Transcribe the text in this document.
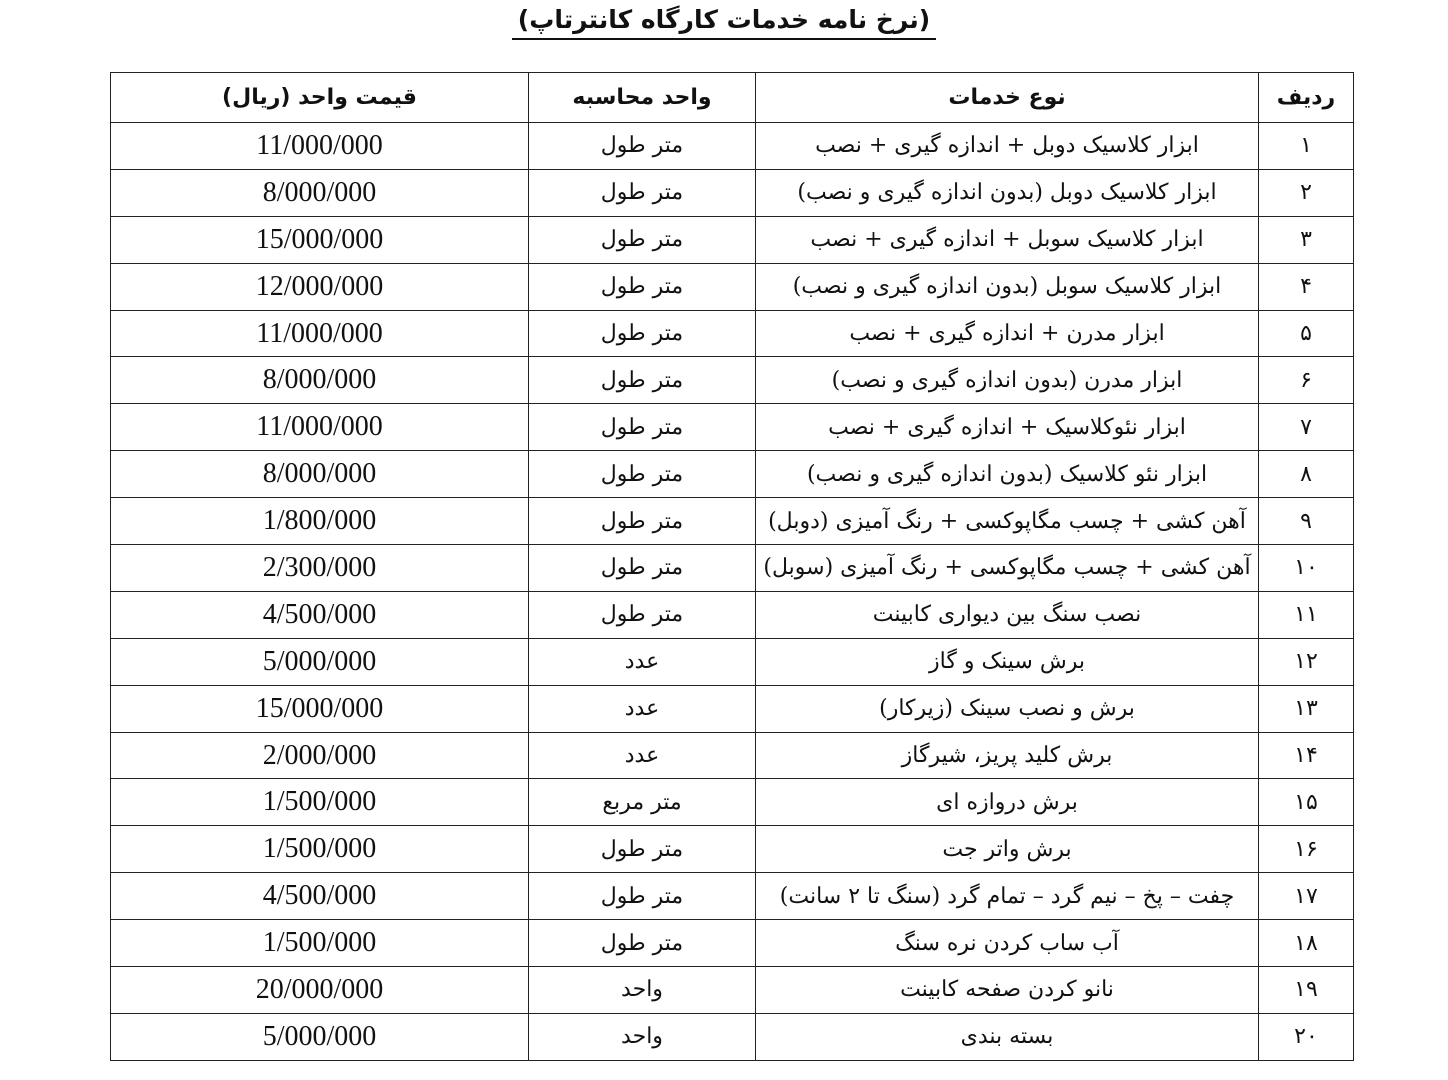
(نرخ نامه خدمات کارگاه کانترتاپ)
ردیف	نوع خدمات	واحد محاسبه	قیمت واحد (ریال)
۱	ابزار کلاسیک دوبل + اندازه گیری + نصب	متر طول	11/000/000
۲	ابزار کلاسیک دوبل (بدون اندازه گیری و نصب)	متر طول	8/000/000
۳	ابزار کلاسیک سوبل + اندازه گیری + نصب	متر طول	15/000/000
۴	ابزار کلاسیک سوبل (بدون اندازه گیری و نصب)	متر طول	12/000/000
۵	ابزار مدرن + اندازه گیری + نصب	متر طول	11/000/000
۶	ابزار مدرن (بدون اندازه گیری و نصب)	متر طول	8/000/000
۷	ابزار نئوکلاسیک + اندازه گیری + نصب	متر طول	11/000/000
۸	ابزار نئو کلاسیک (بدون اندازه گیری و نصب)	متر طول	8/000/000
۹	آهن کشی + چسب مگاپوکسی + رنگ آمیزی (دوبل)	متر طول	1/800/000
۱۰	آهن کشی + چسب مگاپوکسی + رنگ آمیزی (سوبل)	متر طول	2/300/000
۱۱	نصب سنگ بین دیواری کابینت	متر طول	4/500/000
۱۲	برش سینک و گاز	عدد	5/000/000
۱۳	برش و نصب سینک (زیرکار)	عدد	15/000/000
۱۴	برش کلید پریز، شیرگاز	عدد	2/000/000
۱۵	برش دروازه ای	متر مربع	1/500/000
۱۶	برش واتر جت	متر طول	1/500/000
۱۷	چفت – پخ – نیم گرد – تمام گرد (سنگ تا ۲ سانت)	متر طول	4/500/000
۱۸	آب ساب کردن نره سنگ	متر طول	1/500/000
۱۹	نانو کردن صفحه کابینت	واحد	20/000/000
۲۰	بسته بندی	واحد	5/000/000
